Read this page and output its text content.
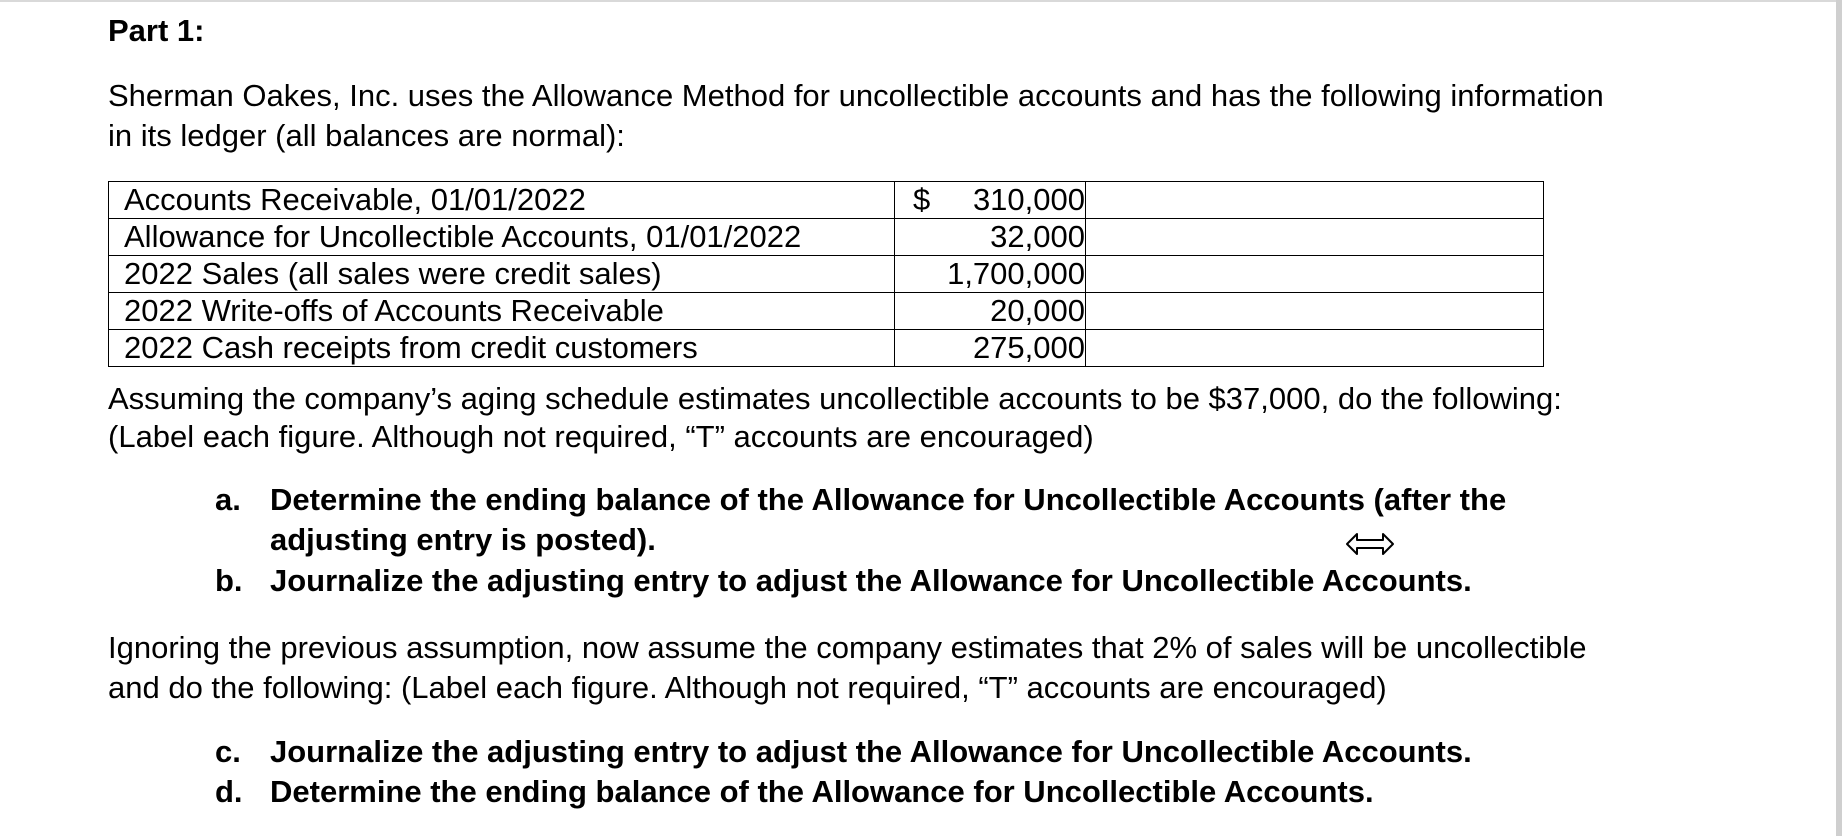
Part 1:
Sherman Oakes, Inc. uses the Allowance Method for uncollectible accounts and has the following information
in its ledger (all balances are normal):
Accounts Receivable, 01/01/2022	$ 310,000	

Allowance for Uncollectible Accounts, 01/01/2022	32,000	
2022 Sales (all sales were credit sales)	1,700,000	
2022 Write-offs of Accounts Receivable	20,000	
2022 Cash receipts from credit customers	275,000	
Assuming the company’s aging schedule estimates uncollectible accounts to be $37,000, do the following:
(Label each figure. Although not required, “T” accounts are encouraged)
a. Determine the ending balance of the Allowance for Uncollectible Accounts (after the
adjusting entry is posted).
b. Journalize the adjusting entry to adjust the Allowance for Uncollectible Accounts.
Ignoring the previous assumption, now assume the company estimates that 2% of sales will be uncollectible
and do the following: (Label each figure. Although not required, “T” accounts are encouraged)
c. Journalize the adjusting entry to adjust the Allowance for Uncollectible Accounts.
d. Determine the ending balance of the Allowance for Uncollectible Accounts.
